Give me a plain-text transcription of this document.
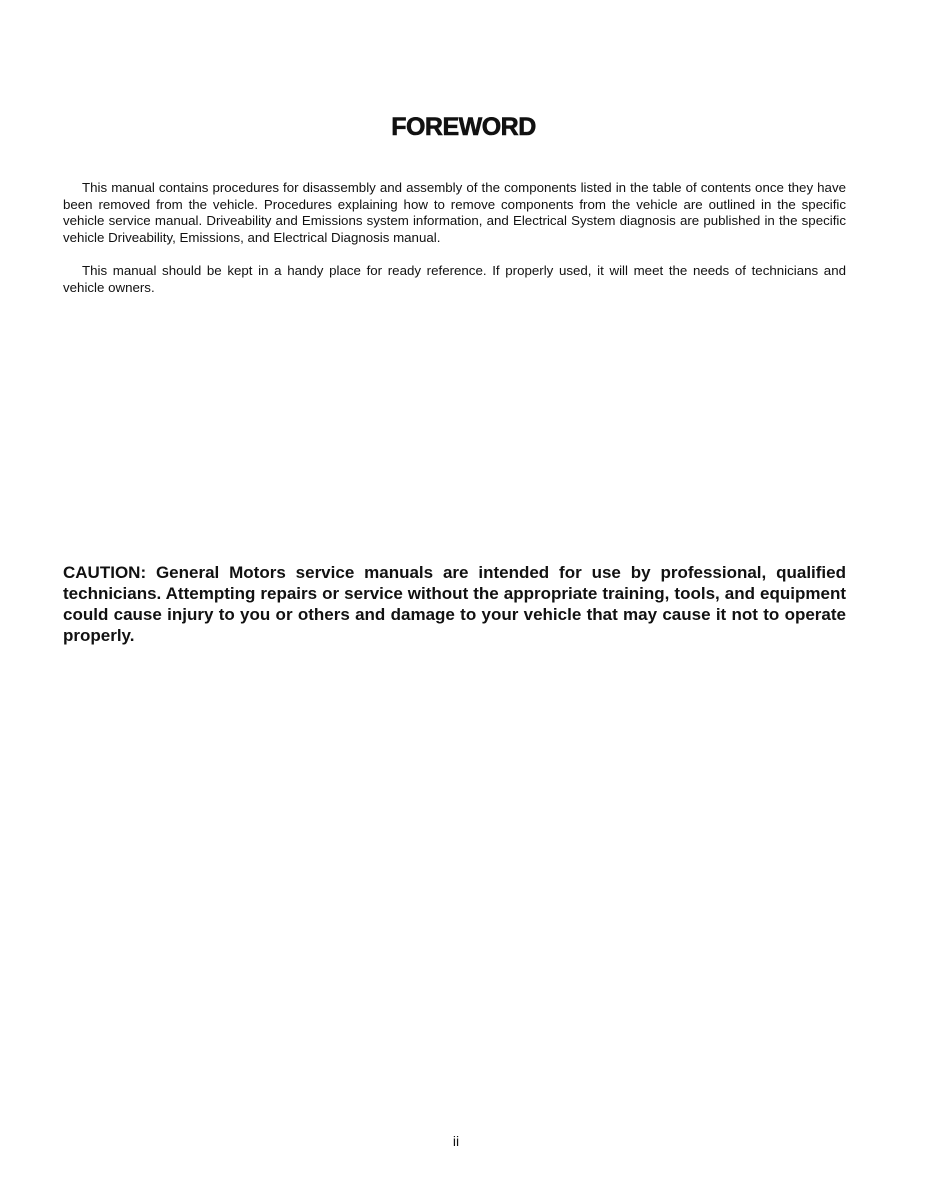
FOREWORD

This manual contains procedures for disassembly and assembly of the components listed in the table of contents once they have been removed from the vehicle. Procedures explaining how to remove components from the vehicle are outlined in the specific vehicle service manual. Driveability and Emissions system information, and Electrical System diagnosis are published in the specific vehicle Driveability, Emissions, and Electrical Diagnosis manual.

This manual should be kept in a handy place for ready reference. If properly used, it will meet the needs of technicians and vehicle owners.

CAUTION: General Motors service manuals are intended for use by professional, qualified technicians. Attempting repairs or service without the appropriate training, tools, and equipment could cause injury to you or others and damage to your vehicle that may cause it not to operate properly.

ii
